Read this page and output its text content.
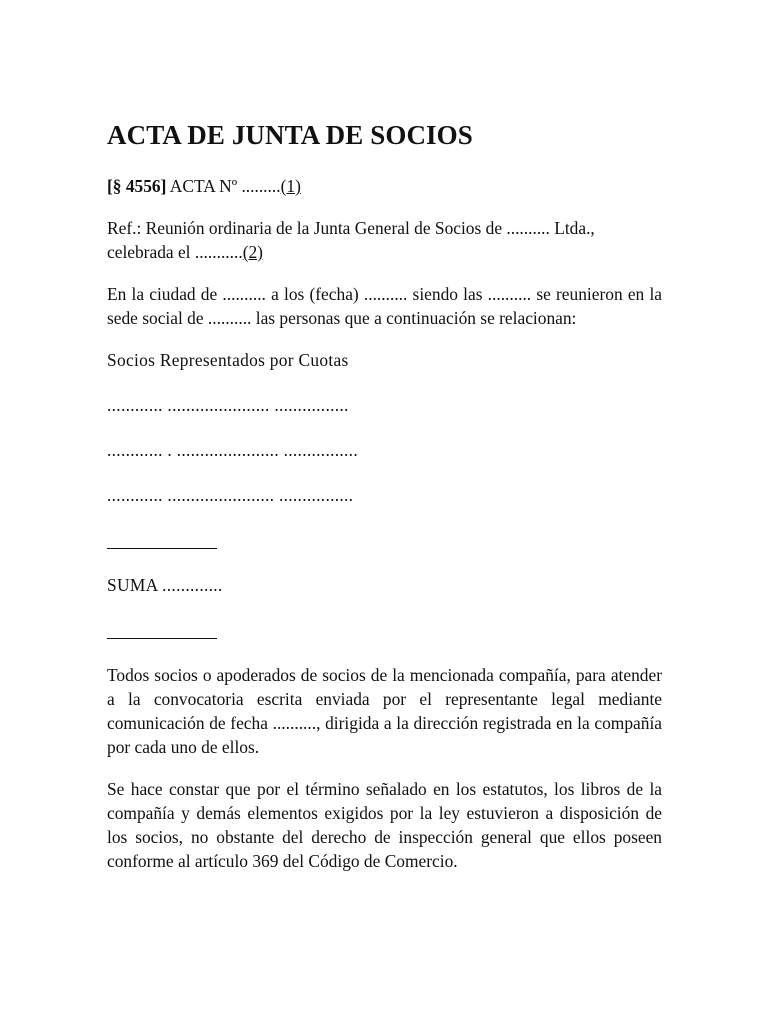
ACTA DE JUNTA DE SOCIOS

[§ 4556] ACTA Nº .........(1)

Ref.: Reunión ordinaria de la Junta General de Socios de .......... Ltda., celebrada el ...........(2)

En la ciudad de .......... a los (fecha) .......... siendo las .......... se reunieron en la sede social de .......... las personas que a continuación se relacionan:

Socios Representados por Cuotas

............ ...................... ................

............ . ...................... ................

............ ....................... ................

SUMA .............

Todos socios o apoderados de socios de la mencionada compañía, para atender a la convocatoria escrita enviada por el representante legal mediante comunicación de fecha .........., dirigida a la dirección registrada en la compañía por cada uno de ellos.

Se hace constar que por el término señalado en los estatutos, los libros de la compañía y demás elementos exigidos por la ley estuvieron a disposición de los socios, no obstante del derecho de inspección general que ellos poseen conforme al artículo 369 del Código de Comercio.
